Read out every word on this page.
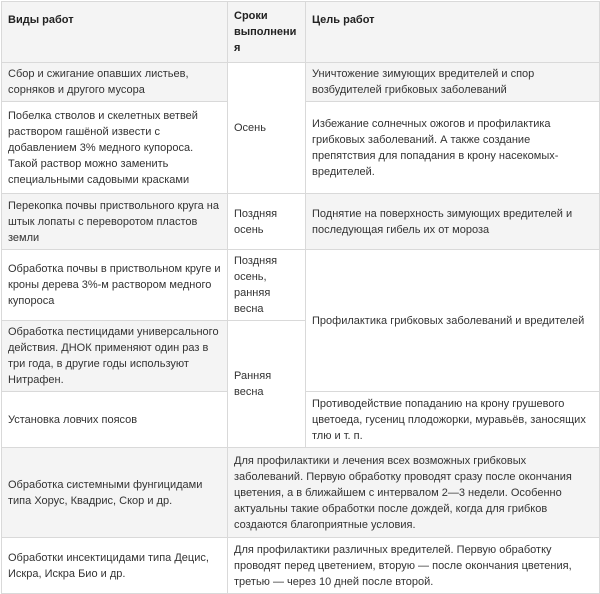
Виды работ	Сроки выполнения	Цель работ
Сбор и сжигание опавших листьев, сорняков и другого мусора	Осень	Уничтожение зимующих вредителей и спор возбудителей грибковых заболеваний
Побелка стволов и скелетных ветвей раствором гашёной извести с добавлением 3% медного купороса. Такой раствор можно заменить специальными садовыми красками		Избежание солнечных ожогов и профилактика грибковых заболеваний. А также создание препятствия для попадания в крону насекомых-вредителей.
Перекопка почвы приствольного круга на штык лопаты с переворотом пластов земли	Поздняя осень	Поднятие на поверхность зимующих вредителей и последующая гибель их от мороза
Обработка почвы в приствольном круге и кроны дерева 3%-м раствором медного купороса	Поздняя осень, ранняя весна	Профилактика грибковых заболеваний и вредителей
Обработка пестицидами универсального действия. ДНОК применяют один раз в три года, в другие годы используют Нитрафен.	Ранняя весна	
Установка ловчих поясов		Противодействие попаданию на крону грушевого цветоеда, гусениц плодожорки, муравьёв, заносящих тлю и т. п.
Обработка системными фунгицидами типа Хорус, Квадрис, Скор и др.	Для профилактики и лечения всех возможных грибковых заболеваний. Первую обработку проводят сразу после окончания цветения, а в ближайшем с интервалом 2—3 недели. Особенно актуальны такие обработки после дождей, когда для грибков создаются благоприятные условия.	
Обработки инсектицидами типа Децис, Искра, Искра Био и др.	Для профилактики различных вредителей. Первую обработку проводят перед цветением, вторую — после окончания цветения, третью — через 10 дней после второй.	
